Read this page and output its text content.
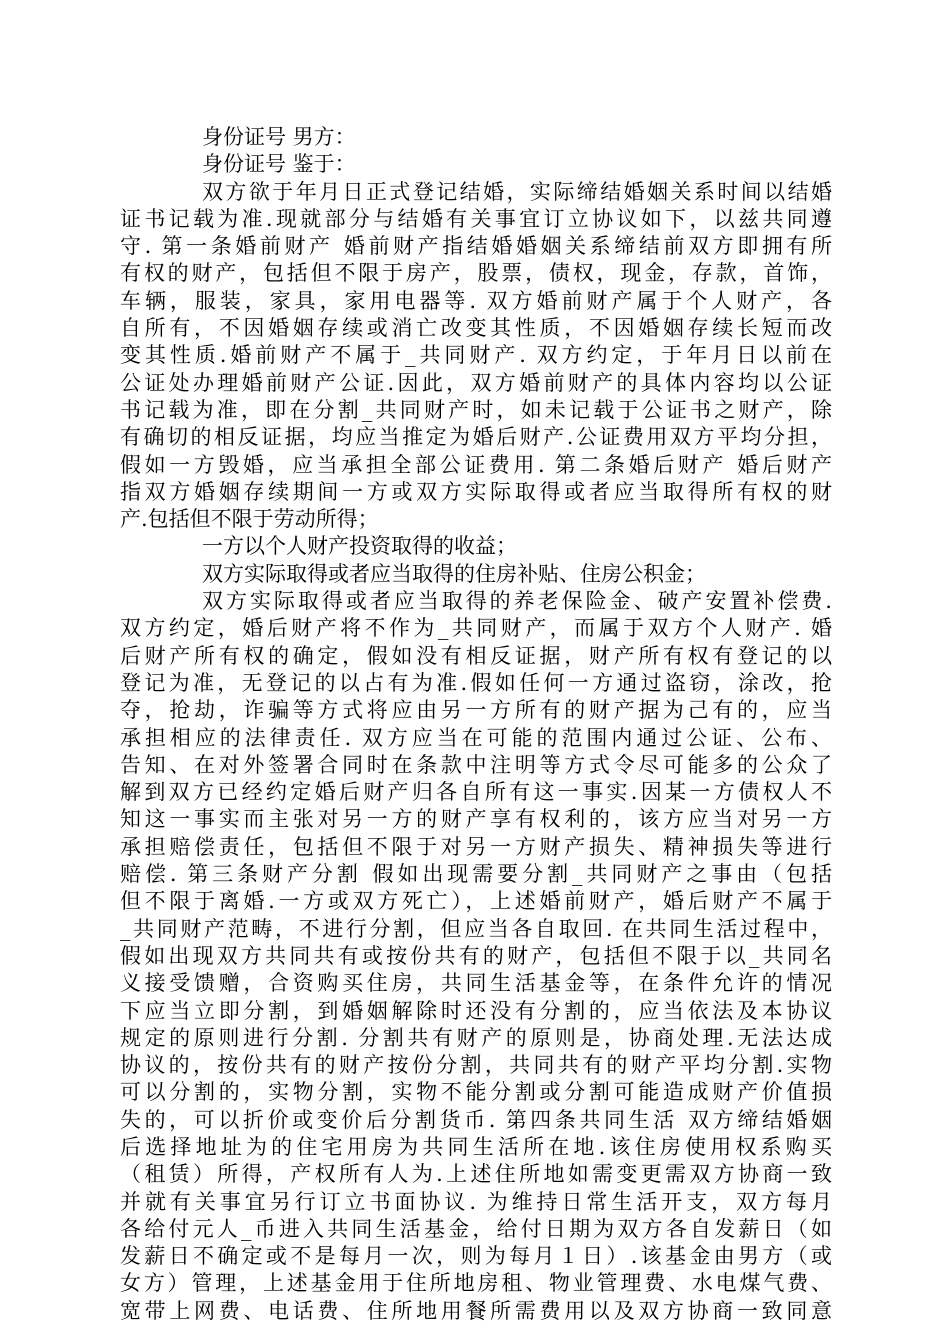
身份证号 男方：
身份证号 鉴于：
双方欲于年月日正式登记结婚，实际缔结婚姻关系时间以结婚
证书记载为准.现就部分与结婚有关事宜订立协议如下，以兹共同遵
守. 第一条婚前财产 婚前财产指结婚婚姻关系缔结前双方即拥有所
有权的财产，包括但不限于房产，股票，债权，现金，存款，首饰，
车辆，服装，家具，家用电器等. 双方婚前财产属于个人财产，各
自所有，不因婚姻存续或消亡改变其性质，不因婚姻存续长短而改
变其性质.婚前财产不属于_共同财产. 双方约定，于年月日以前在
公证处办理婚前财产公证.因此，双方婚前财产的具体内容均以公证
书记载为准，即在分割_共同财产时，如未记载于公证书之财产，除
有确切的相反证据，均应当推定为婚后财产.公证费用双方平均分担，
假如一方毁婚，应当承担全部公证费用. 第二条婚后财产 婚后财产
指双方婚姻存续期间一方或双方实际取得或者应当取得所有权的财
产.包括但不限于劳动所得；
一方以个人财产投资取得的收益；
双方实际取得或者应当取得的住房补贴、住房公积金；
双方实际取得或者应当取得的养老保险金、破产安置补偿费.
双方约定，婚后财产将不作为_共同财产，而属于双方个人财产. 婚
后财产所有权的确定，假如没有相反证据，财产所有权有登记的以
登记为准，无登记的以占有为准.假如任何一方通过盗窃，涂改，抢
夺，抢劫，诈骗等方式将应由另一方所有的财产据为己有的，应当
承担相应的法律责任. 双方应当在可能的范围内通过公证、公布、
告知、在对外签署合同时在条款中注明等方式令尽可能多的公众了
解到双方已经约定婚后财产归各自所有这一事实.因某一方债权人不
知这一事实而主张对另一方的财产享有权利的，该方应当对另一方
承担赔偿责任，包括但不限于对另一方财产损失、精神损失等进行
赔偿. 第三条财产分割 假如出现需要分割_共同财产之事由（包括
但不限于离婚.一方或双方死亡），上述婚前财产，婚后财产不属于
_共同财产范畴，不进行分割，但应当各自取回. 在共同生活过程中，
假如出现双方共同共有或按份共有的财产，包括但不限于以_共同名
义接受馈赠，合资购买住房，共同生活基金等，在条件允许的情况
下应当立即分割，到婚姻解除时还没有分割的，应当依法及本协议
规定的原则进行分割. 分割共有财产的原则是，协商处理.无法达成
协议的，按份共有的财产按份分割，共同共有的财产平均分割.实物
可以分割的，实物分割，实物不能分割或分割可能造成财产价值损
失的，可以折价或变价后分割货币. 第四条共同生活 双方缔结婚姻
后选择地址为的住宅用房为共同生活所在地.该住房使用权系购买
（租赁）所得，产权所有人为.上述住所地如需变更需双方协商一致
并就有关事宜另行订立书面协议. 为维持日常生活开支，双方每月
各给付元人_币进入共同生活基金，给付日期为双方各自发薪日（如
发薪日不确定或不是每月一次，则为每月１日）.该基金由男方（或
女方）管理，上述基金用于住所地房租、物业管理费、水电煤气费、
宽带上网费、电话费、住所地用餐所需费用以及双方协商一致同意
